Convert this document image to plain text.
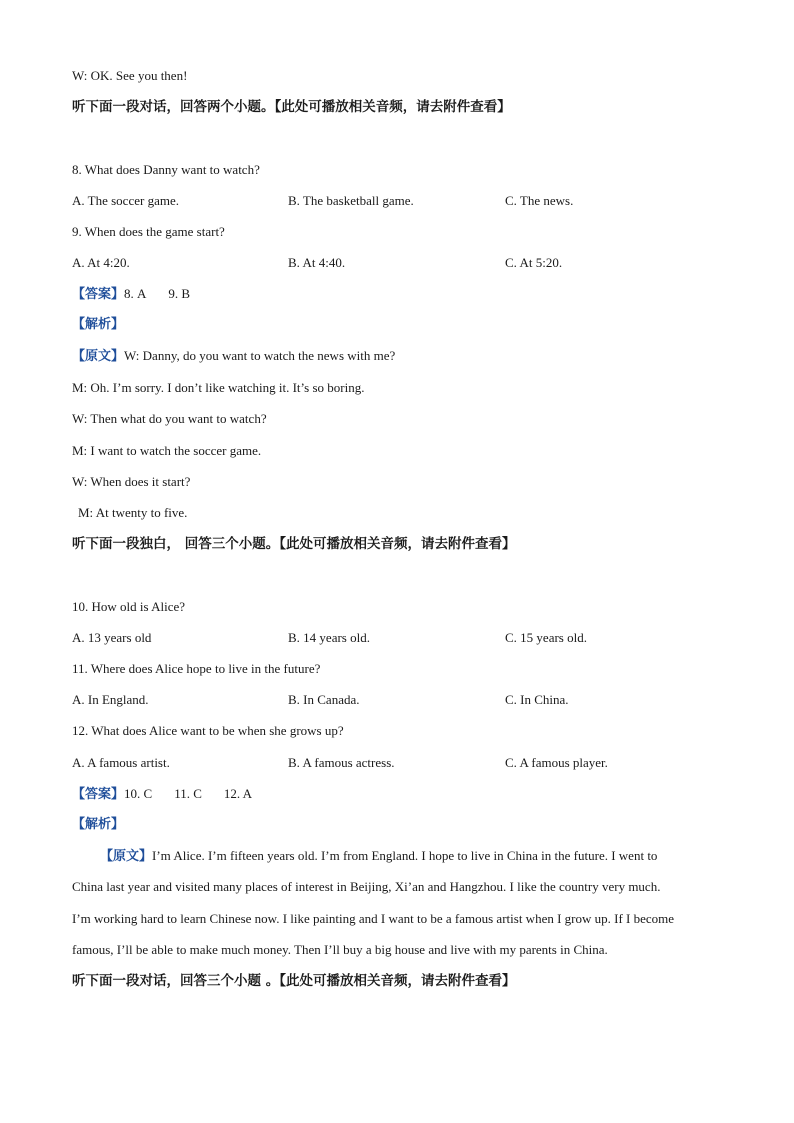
W: OK. See you then!
听下面一段对话，回答两个小题。【此处可播放相关音频，请去附件查看】
8. What does Danny want to watch?
A. The soccer game.	B. The basketball game.	C. The news.
9. When does the game start?
A. At 4:20.	B. At 4:40.	C. At 5:20.
【答案】8. A 9. B
【解析】
【原文】W: Danny, do you want to watch the news with me?
M: Oh. I’m sorry. I don’t like watching it. It’s so boring.
W: Then what do you want to watch?
M: I want to watch the soccer game.
W: When does it start?
M: At twenty to five.
听下面一段独白， 回答三个小题。【此处可播放相关音频，请去附件查看】
10. How old is Alice?
A. 13 years old	B. 14 years old.	C. 15 years old.
11. Where does Alice hope to live in the future?
A. In England.	B. In Canada.	C. In China.
12. What does Alice want to be when she grows up?
A. A famous artist.	B. A famous actress.	C. A famous player.
【答案】10. C 11. C 12. A
【解析】
【原文】I’m Alice. I’m fifteen years old. I’m from England. I hope to live in China in the future. I went to
China last year and visited many places of interest in Beijing, Xi’an and Hangzhou. I like the country very much.
I’m working hard to learn Chinese now. I like painting and I want to be a famous artist when I grow up. If I become
famous, I’ll be able to make much money. Then I’ll buy a big house and live with my parents in China.
听下面一段对话，回答三个小题 。【此处可播放相关音频，请去附件查看】
